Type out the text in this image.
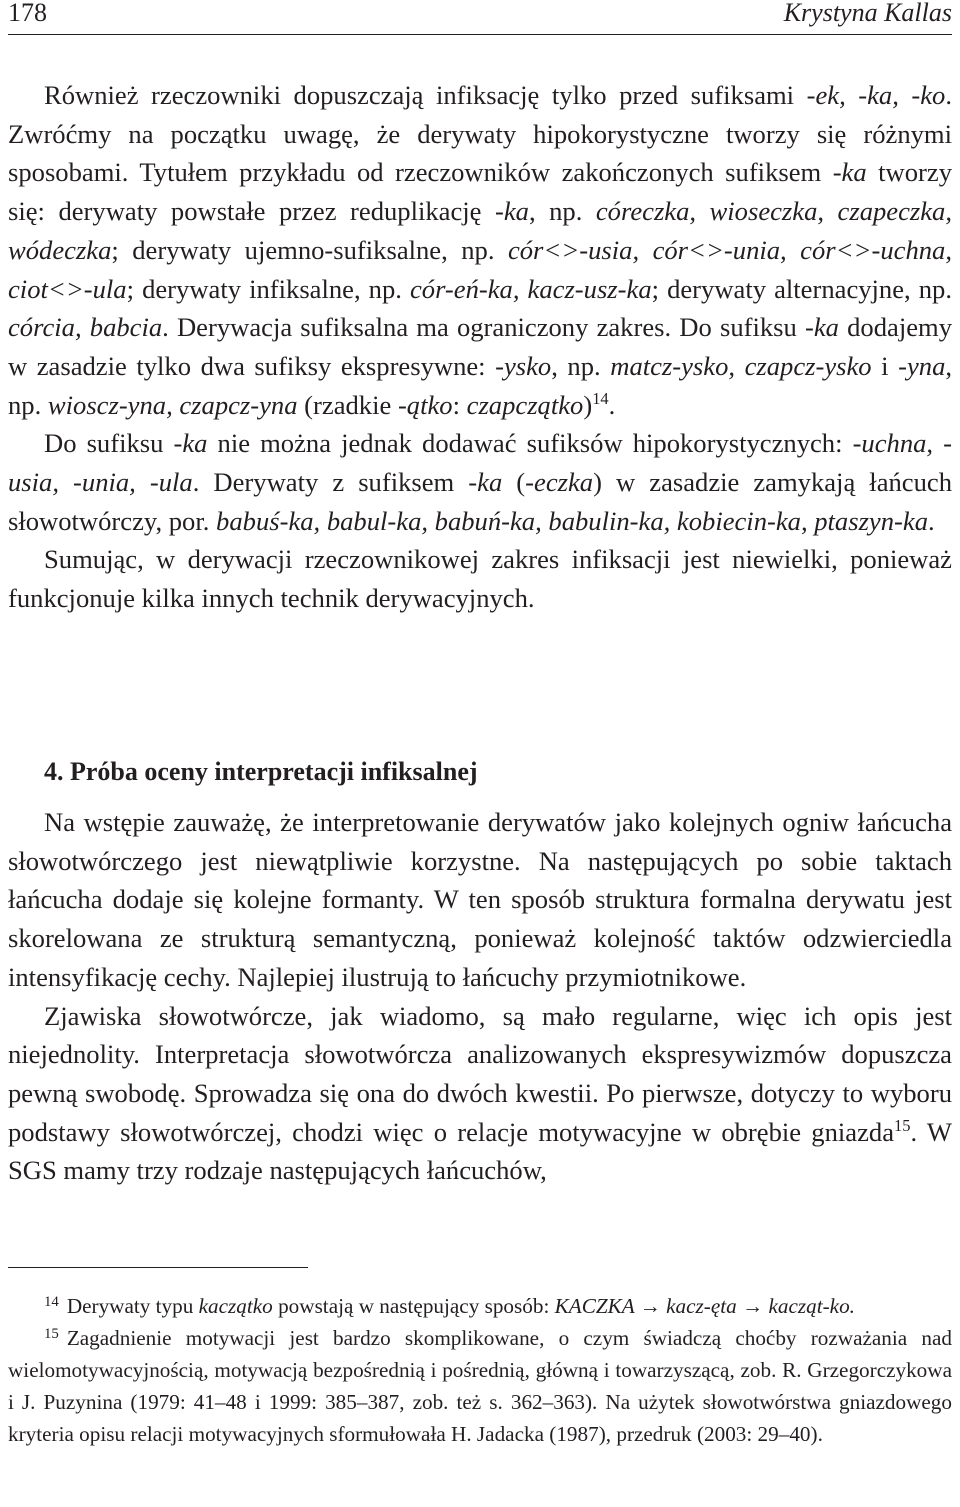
178	Krystyna Kallas

Również rzeczowniki dopuszczają infiksację tylko przed sufiksami -ek, -ka, -ko. Zwróćmy na początku uwagę, że derywaty hipokorystyczne tworzy się różnymi sposobami. Tytułem przykładu od rzeczowników zakończonych sufiksem -ka tworzy się: derywaty powstałe przez reduplikację -ka, np. córeczka, wioseczka, czapeczka, wódeczka; derywaty ujemno-sufiksalne, np. cór<>-usia, cór<>-unia, cór<>-uchna, ciot<>-ula; derywaty infiksalne, np. cór-eń-ka, kacz-usz-ka; derywaty alternacyjne, np. córcia, babcia. Derywacja sufiksalna ma ograniczony zakres. Do sufiksu -ka dodajemy w zasadzie tylko dwa sufiksy ekspresywne: -ysko, np. matcz-ysko, czapcz-ysko i -yna, np. wioscz-yna, czapcz-yna (rzadkie -ątko: czapcz​ątko)$^{14}$.

Do sufiksu -ka nie można jednak dodawać sufiksów hipokorystycznych: -uchna, -usia, -unia, -ula. Derywaty z sufiksem -ka (-eczka) w zasadzie zamykają łańcuch słowotwórczy, por. babuś-ka, babul-ka, babuń-ka, babulin-ka, kobiecin-ka, ptaszyn-ka.

Sumując, w derywacji rzeczownikowej zakres infiksacji jest niewielki, ponieważ funkcjonuje kilka innych technik derywacyjnych.

4. Próba oceny interpretacji infiksalnej

Na wstępie zauważę, że interpretowanie derywatów jako kolejnych ogniw łańcucha słowotwórczego jest niewątpliwie korzystne. Na następujących po sobie taktach łańcucha dodaje się kolejne formanty. W ten sposób struktura formalna derywatu jest skorelowana ze strukturą semantyczną, ponieważ kolejność taktów odzwierciedla intensyfikację cechy. Najlepiej ilustrują to łańcuchy przymiotnikowe.

Zjawiska słowotwórcze, jak wiadomo, są mało regularne, więc ich opis jest niejednolity. Interpretacja słowotwórcza analizowanych ekspresywizmów dopuszcza pewną swobodę. Sprowadza się ona do dwóch kwestii. Po pierwsze, dotyczy to wyboru podstawy słowotwórczej, chodzi więc o relacje motywacyjne w obrębie gniazda$^{15}$. W SGS mamy trzy rodzaje następujących łańcuchów,

$^{14}$ Derywaty typu kaczątko powstają w następujący sposób: KACZKA → kacz-ęta → kacząt-ko.

$^{15}$ Zagadnienie motywacji jest bardzo skomplikowane, o czym świadczą choćby rozważania nad wielomotywacyjnością, motywacją bezpośrednią i pośrednią, główną i towarzyszącą, zob. R. Grzegorczykowa i J. Puzynina (1979: 41–48 i 1999: 385–387, zob. też s. 362–363). Na użytek słowotwórstwa gniazdowego kryteria opisu relacji motywacyjnych sformułowała H. Jadacka (1987), przedruk (2003: 29–40).
